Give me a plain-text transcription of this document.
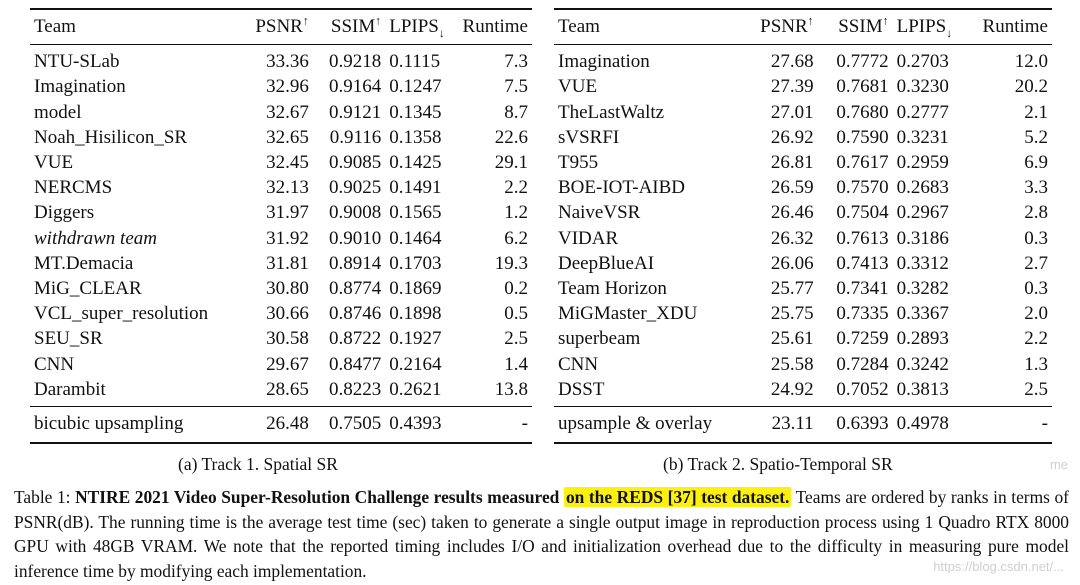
Team	PSNR↑	SSIM↑	$LPIPS_↓$	Runtime
NTU-SLab	33.36	0.9218	0.1115	7.3
Imagination	32.96	0.9164	0.1247	7.5
model	32.67	0.9121	0.1345	8.7
Noah_Hisilicon_SR	32.65	0.9116	0.1358	22.6
VUE	32.45	0.9085	0.1425	29.1
NERCMS	32.13	0.9025	0.1491	2.2
Diggers	31.97	0.9008	0.1565	1.2
withdrawn team	31.92	0.9010	0.1464	6.2
MT.Demacia	31.81	0.8914	0.1703	19.3
MiG_CLEAR	30.80	0.8774	0.1869	0.2
VCL_super_resolution	30.66	0.8746	0.1898	0.5
SEU_SR	30.58	0.8722	0.1927	2.5
CNN	29.67	0.8477	0.2164	1.4
Darambit	28.65	0.8223	0.2621	13.8
bicubic upsampling	26.48	0.7505	0.4393	-
Team	PSNR↑	SSIM↑	$LPIPS_↓$	Runtime
Imagination	27.68	0.7772	0.2703	12.0
VUE	27.39	0.7681	0.3230	20.2
TheLastWaltz	27.01	0.7680	0.2777	2.1
sVSRFI	26.92	0.7590	0.3231	5.2
T955	26.81	0.7617	0.2959	6.9
BOE-IOT-AIBD	26.59	0.7570	0.2683	3.3
NaiveVSR	26.46	0.7504	0.2967	2.8
VIDAR	26.32	0.7613	0.3186	0.3
DeepBlueAI	26.06	0.7413	0.3312	2.7
Team Horizon	25.77	0.7341	0.3282	0.3
MiGMaster_XDU	25.75	0.7335	0.3367	2.0
superbeam	25.61	0.7259	0.2893	2.2
CNN	25.58	0.7284	0.3242	1.3
DSST	24.92	0.7052	0.3813	2.5
upsample & overlay	23.11	0.6393	0.4978	-
(a) Track 1. Spatial SR	(b) Track 2. Spatio-Temporal SR
Table 1: NTIRE 2021 Video Super-Resolution Challenge results measured on the REDS [37] test dataset. Teams are ordered by ranks in terms of PSNR(dB). The running time is the average test time (sec) taken to generate a single output image in reproduction process using 1 Quadro RTX 8000 GPU with 48GB VRAM. We note that the reported timing includes I/O and initialization overhead due to the difficulty in measuring pure model inference time by modifying each implementation.	https://blog.csdn.net/...
me
